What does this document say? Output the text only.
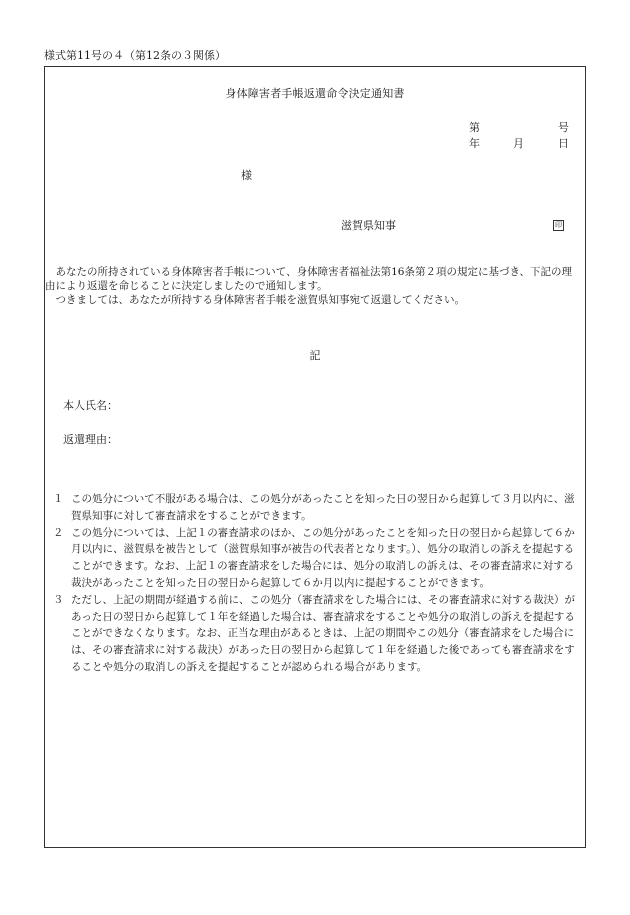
様式第11号の４（第12条の３関係）
身体障害者手帳返還命令決定通知書
第	号
年	月	日
様
滋賀県知事	印

あなたの所持されている身体障害者手帳について、身体障害者福祉法第16条第２項の規定に基づき、下記の理由により返還を命じることに決定しましたので通知します。

つきましては、あなたが所持する身体障害者手帳を滋賀県知事宛て返還してください。

記
本人氏名：
返還理由：
１ この処分について不服がある場合は、この処分があったことを知った日の翌日から起算して３月以内に、滋賀県知事に対して審査請求をすることができます。
２ この処分については、上記１の審査請求のほか、この処分があったことを知った日の翌日から起算して６か月以内に、滋賀県を被告として（滋賀県知事が被告の代表者となります。）、処分の取消しの訴えを提起することができます。なお、上記１の審査請求をした場合には、処分の取消しの訴えは、その審査請求に対する裁決があったことを知った日の翌日から起算して６か月以内に提起することができます。
３ ただし、上記の期間が経過する前に、この処分（審査請求をした場合には、その審査請求に対する裁決）があった日の翌日から起算して１年を経過した場合は、審査請求をすることや処分の取消しの訴えを提起することができなくなります。なお、正当な理由があるときは、上記の期間やこの処分（審査請求をした場合には、その審査請求に対する裁決）があった日の翌日から起算して１年を経過した後であっても審査請求をすることや処分の取消しの訴えを提起することが認められる場合があります。
